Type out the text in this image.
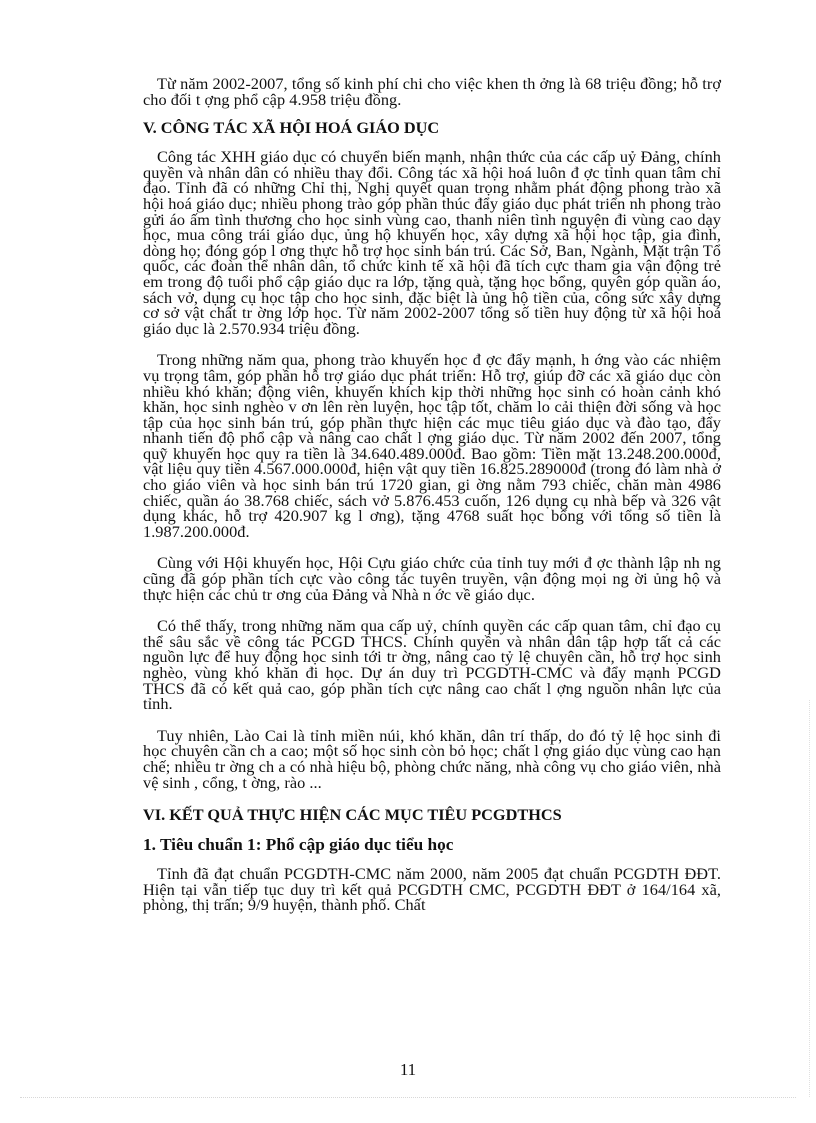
Từ năm 2002-2007, tổng số kinh phí chi cho việc khen th ởng là 68 triệu đồng; hỗ trợ cho đối t ợng phổ cập 4.958 triệu đồng.

V. CÔNG TÁC XÃ HỘI HOÁ GIÁO DỤC

Công tác XHH giáo dục có chuyển biến mạnh, nhận thức của các cấp uỷ Đảng, chính quyền và nhân dân có nhiều thay đổi. Công tác xã hội hoá luôn đ ợc tỉnh quan tâm chỉ đạo. Tỉnh đã có những Chỉ thị, Nghị quyết quan trọng nhằm phát động phong trào xã hội hoá giáo dục; nhiều phong trào góp phần thúc đẩy giáo dục phát triển nh phong trào gửi áo ấm tình thương cho học sinh vùng cao, thanh niên tình nguyện đi vùng cao dạy học, mua công trái giáo dục, ủng hộ khuyến học, xây dựng xã hội học tập, gia đình, dòng họ; đóng góp l ơng thực hỗ trợ học sinh bán trú. Các Sở, Ban, Ngành, Mặt trận Tổ quốc, các đoàn thể nhân dân, tổ chức kinh tế xã hội đã tích cực tham gia vận động trẻ em trong độ tuổi phổ cập giáo dục ra lớp, tặng quà, tặng học bổng, quyên góp quần áo, sách vở, dụng cụ học tập cho học sinh, đặc biệt là ủng hộ tiền của, công sức xây dựng cơ sở vật chất tr ờng lớp học. Từ năm 2002-2007 tổng số tiền huy động từ xã hội hoá giáo dục là 2.570.934 triệu đồng.

Trong những năm qua, phong trào khuyến học đ ợc đẩy mạnh, h ớng vào các nhiệm vụ trọng tâm, góp phần hỗ trợ giáo dục phát triển: Hỗ trợ, giúp đỡ các xã giáo dục còn nhiều khó khăn; động viên, khuyến khích kịp thời những học sinh có hoàn cảnh khó khăn, học sinh nghèo v ơn lên rèn luyện, học tập tốt, chăm lo cải thiện đời sống và học tập của học sinh bán trú, góp phần thực hiện các mục tiêu giáo dục và đào tạo, đẩy nhanh tiến độ phổ cập và nâng cao chất l ợng giáo dục. Từ năm 2002 đến 2007, tổng quỹ khuyến học quy ra tiền là 34.640.489.000đ. Bao gồm: Tiền mặt 13.248.200.000đ, vật liệu quy tiền 4.567.000.000đ, hiện vật quy tiền 16.825.289000đ (trong đó làm nhà ở cho giáo viên và học sinh bán trú 1720 gian, gi ờng nằm 793 chiếc, chăn màn 4986 chiếc, quần áo 38.768 chiếc, sách vở 5.876.453 cuốn, 126 dụng cụ nhà bếp và 326 vật dụng khác, hỗ trợ 420.907 kg l ơng), tặng 4768 suất học bổng với tổng số tiền là 1.987.200.000đ.

Cùng với Hội khuyến học, Hội Cựu giáo chức của tỉnh tuy mới đ ợc thành lập nh ng cũng đã góp phần tích cực vào công tác tuyên truyền, vận động mọi ng ời ủng hộ và thực hiện các chủ tr ơng của Đảng và Nhà n ớc về giáo dục.

Có thể thấy, trong những năm qua cấp uỷ, chính quyền các cấp quan tâm, chỉ đạo cụ thể sâu sắc về công tác PCGD THCS. Chính quyền và nhân dân tập hợp tất cả các nguồn lực để huy động học sinh tới tr ờng, nâng cao tỷ lệ chuyên cần, hỗ trợ học sinh nghèo, vùng khó khăn đi học. Dự án duy trì PCGDTH-CMC và đẩy mạnh PCGD THCS đã có kết quả cao, góp phần tích cực nâng cao chất l ợng nguồn nhân lực của tỉnh.

Tuy nhiên, Lào Cai là tỉnh miền núi, khó khăn, dân trí thấp, do đó tỷ lệ học sinh đi học chuyên cần ch a cao; một số học sinh còn bỏ học; chất l ợng giáo dục vùng cao hạn chế; nhiều tr ờng ch a có nhà hiệu bộ, phòng chức năng, nhà công vụ cho giáo viên, nhà vệ sinh , cổng, t ờng, rào ...

VI. KẾT QUẢ THỰC HIỆN CÁC MỤC TIÊU PCGDTHCS
1. Tiêu chuẩn 1: Phổ cập giáo dục tiểu học

Tỉnh đã đạt chuẩn PCGDTH-CMC năm 2000, năm 2005 đạt chuẩn PCGDTH ĐĐT. Hiện tại vẫn tiếp tục duy trì kết quả PCGDTH CMC, PCGDTH ĐĐT ở 164/164 xã, phòng, thị trấn; 9/9 huyện, thành phố. Chất

11
